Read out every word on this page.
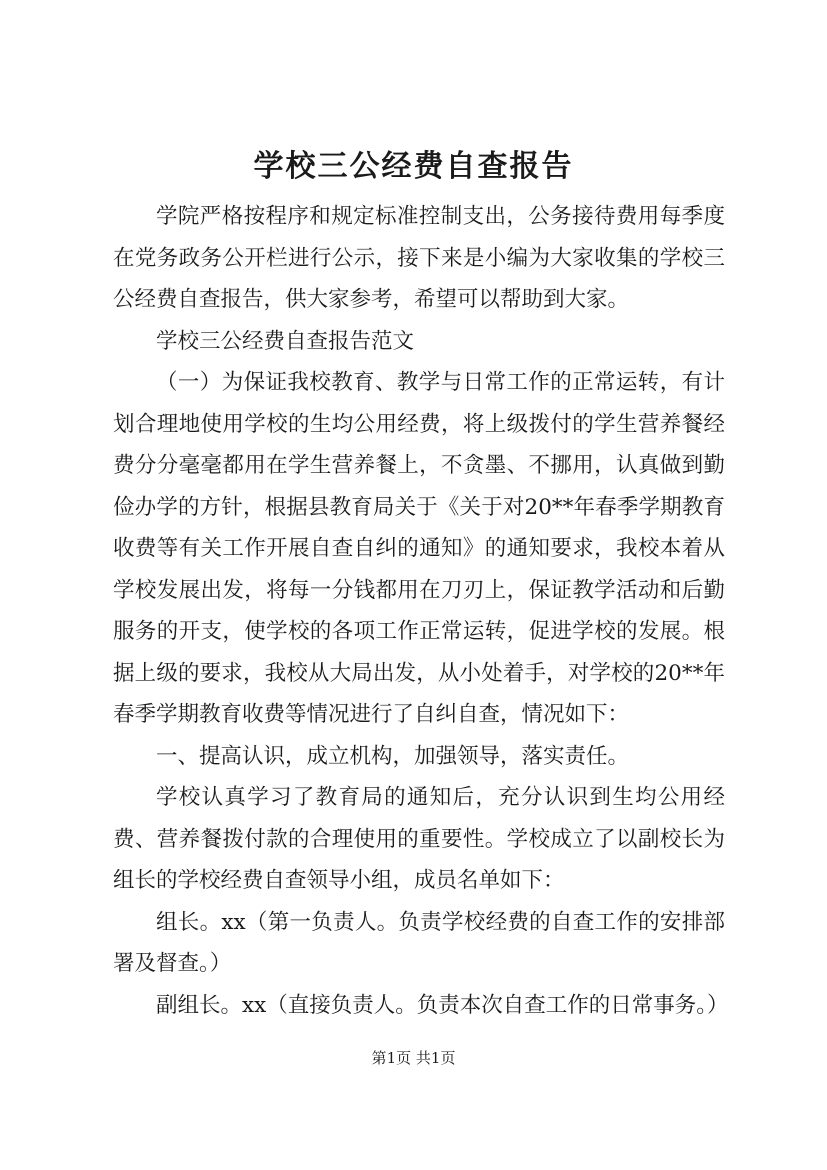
学校三公经费自查报告

学院严格按程序和规定标准控制支出，公务接待费用每季度在党务政务公开栏进行公示，接下来是小编为大家收集的学校三公经费自查报告，供大家参考，希望可以帮助到大家。

学校三公经费自查报告范文

（一）为保证我校教育、教学与日常工作的正常运转，有计划合理地使用学校的生均公用经费，将上级拨付的学生营养餐经费分分毫毫都用在学生营养餐上，不贪墨、不挪用，认真做到勤俭办学的方针，根据县教育局关于《关于对20**年春季学期教育收费等有关工作开展自查自纠的通知》的通知要求，我校本着从学校发展出发，将每一分钱都用在刀刃上，保证教学活动和后勤服务的开支，使学校的各项工作正常运转，促进学校的发展。根据上级的要求，我校从大局出发，从小处着手，对学校的20**年春季学期教育收费等情况进行了自纠自查，情况如下：

一、提高认识，成立机构，加强领导，落实责任。

学校认真学习了教育局的通知后，充分认识到生均公用经费、营养餐拨付款的合理使用的重要性。学校成立了以副校长为组长的学校经费自查领导小组，成员名单如下：

组长。xx（第一负责人。负责学校经费的自查工作的安排部署及督查。）

副组长。xx（直接负责人。负责本次自查工作的日常事务。）

第1页 共1页
